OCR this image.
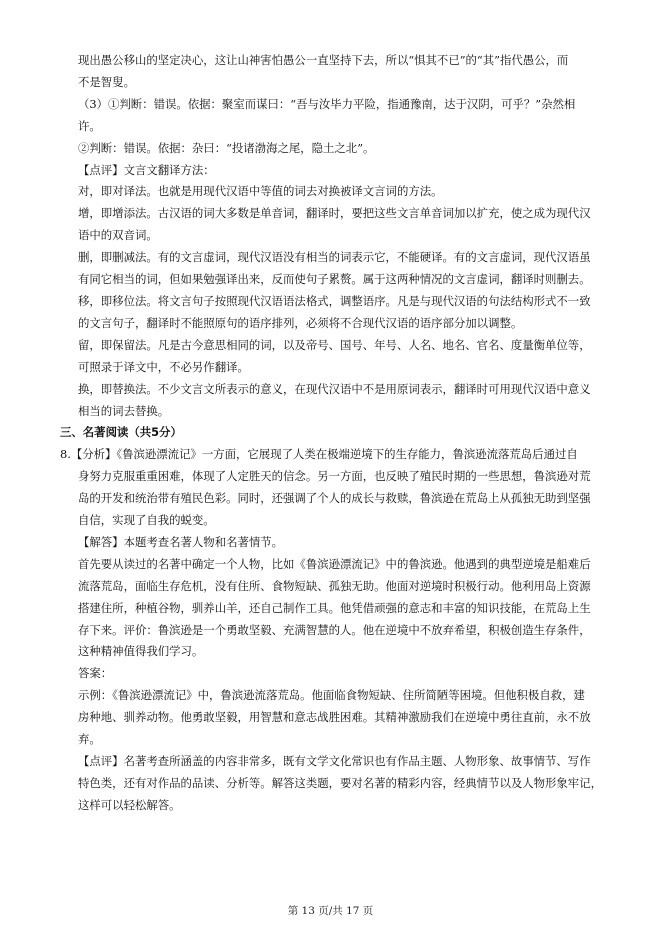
现出愚公移山的坚定决心，这让山神害怕愚公一直坚持下去，所以“惧其不已”的“其”指代愚公，而

不是智叟。

（3）①判断：错误。依据：聚室而谋曰：“吾与汝毕力平险，指通豫南，达于汉阴，可乎？”杂然相

许。

②判断：错误。依据：杂曰：“投诸渤海之尾，隐土之北”。

【点评】文言文翻译方法：

对，即对译法。也就是用现代汉语中等值的词去对换被译文言词的方法。

增，即增添法。古汉语的词大多数是单音词，翻译时，要把这些文言单音词加以扩充，使之成为现代汉

语中的双音词。

删，即删减法。有的文言虚词，现代汉语没有相当的词表示它，不能硬译。有的文言虚词，现代汉语虽

有同它相当的词，但如果勉强译出来，反而使句子累赘。属于这两种情况的文言虚词，翻译时则删去。

移，即移位法。将文言句子按照现代汉语语法格式，调整语序。凡是与现代汉语的句法结构形式不一致

的文言句子，翻译时不能照原句的语序排列，必须将不合现代汉语的语序部分加以调整。

留，即保留法。凡是古今意思相同的词，以及帝号、国号、年号、人名、地名、官名、度量衡单位等，

可照录于译文中，不必另作翻译。

换，即替换法。不少文言文所表示的意义，在现代汉语中不是用原词表示，翻译时可用现代汉语中意义

相当的词去替换。

三、名著阅读（共5分）

8.【分析】《鲁滨逊漂流记》一方面，它展现了人类在极端逆境下的生存能力，鲁滨逊流落荒岛后通过自

身努力克服重重困难，体现了人定胜天的信念。另一方面，也反映了殖民时期的一些思想，鲁滨逊对荒

岛的开发和统治带有殖民色彩。同时，还强调了个人的成长与救赎，鲁滨逊在荒岛上从孤独无助到坚强

自信，实现了自我的蜕变。

【解答】本题考查名著人物和名著情节。

首先要从读过的名著中确定一个人物，比如《鲁滨逊漂流记》中的鲁滨逊。他遇到的典型逆境是船难后

流落荒岛，面临生存危机，没有住所、食物短缺、孤独无助。他面对逆境时积极行动。他利用岛上资源

搭建住所，种植谷物，驯养山羊，还自己制作工具。他凭借顽强的意志和丰富的知识技能，在荒岛上生

存下来。评价：鲁滨逊是一个勇敢坚毅、充满智慧的人。他在逆境中不放弃希望，积极创造生存条件，

这种精神值得我们学习。

答案：

示例：《鲁滨逊漂流记》中，鲁滨逊流落荒岛。他面临食物短缺、住所简陋等困境。但他积极自救，建

房种地、驯养动物。他勇敢坚毅，用智慧和意志战胜困难。其精神激励我们在逆境中勇往直前，永不放

弃。

【点评】名著考查所涵盖的内容非常多，既有文学文化常识也有作品主题、人物形象、故事情节、写作

特色类，还有对作品的品读、分析等。解答这类题，要对名著的精彩内容，经典情节以及人物形象牢记，

这样可以轻松解答。

第 13 页/共 17 页
